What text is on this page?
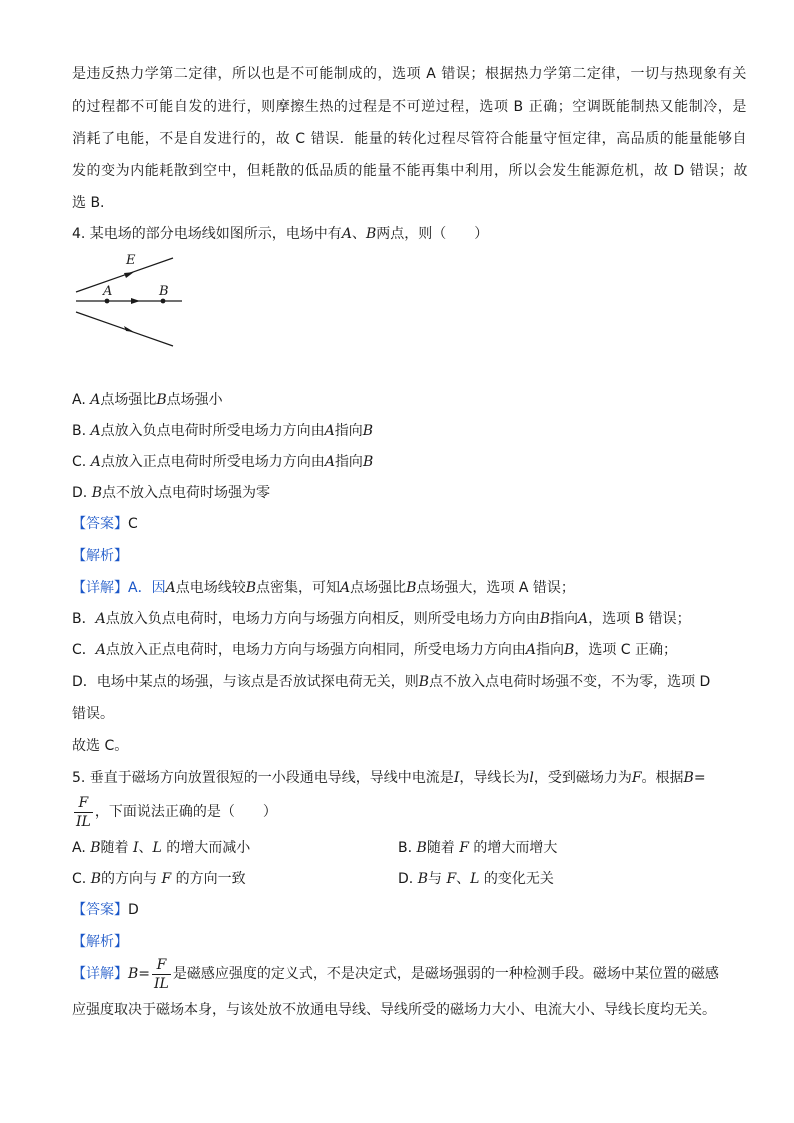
是违反热力学第二定律，所以也是不可能制成的，选项 A 错误；根据热力学第二定律，一切与热现象有关
的过程都不可能自发的进行，则摩擦生热的过程是不可逆过程，选项 B 正确；空调既能制热又能制冷，是
消耗了电能，不是自发进行的，故 C 错误．能量的转化过程尽管符合能量守恒定律，高品质的能量能够自
发的变为内能耗散到空中，但耗散的低品质的能量不能再集中利用，所以会发生能源危机，故 D 错误；故
选 B.
4. 某电场的部分电场线如图所示，电场中有A、B两点，则（　　）
E
A	B
A. A点场强比B点场强小
B. A点放入负点电荷时所受电场力方向由A指向B
C. A点放入正点电荷时所受电场力方向由A指向B
D. B点不放入点电荷时场强为零
【答案】C
【解析】
【详解】A．因A点电场线较B点密集，可知A点场强比B点场强大，选项 A 错误；
B．A点放入负点电荷时，电场力方向与场强方向相反，则所受电场力方向由B指向A，选项 B 错误；
C．A点放入正点电荷时，电场力方向与场强方向相同，所受电场力方向由A指向B，选项 C 正确；
D．电场中某点的场强，与该点是否放试探电荷无关，则B点不放入点电荷时场强不变，不为零，选项 D
错误。
故选 C。
5. 垂直于磁场方向放置很短的一小段通电导线，导线中电流是I，导线长为l，受到磁场力为F。根据B=
$\frac{F}{IL}$ ，下面说法正确的是（　　）
A. B随着 I、L 的增大而减小	B. B随着 F 的增大而增大
C. B的方向与 F 的方向一致	D. B与 F、L 的变化无关
【答案】D
【解析】
【详解】$B= \frac{F}{IL}$ 是磁感应强度的定义式，不是决定式，是磁场强弱的一种检测手段。磁场中某位置的磁感
应强度取决于磁场本身，与该处放不放通电导线、导线所受的磁场力大小、电流大小、导线长度均无关。
